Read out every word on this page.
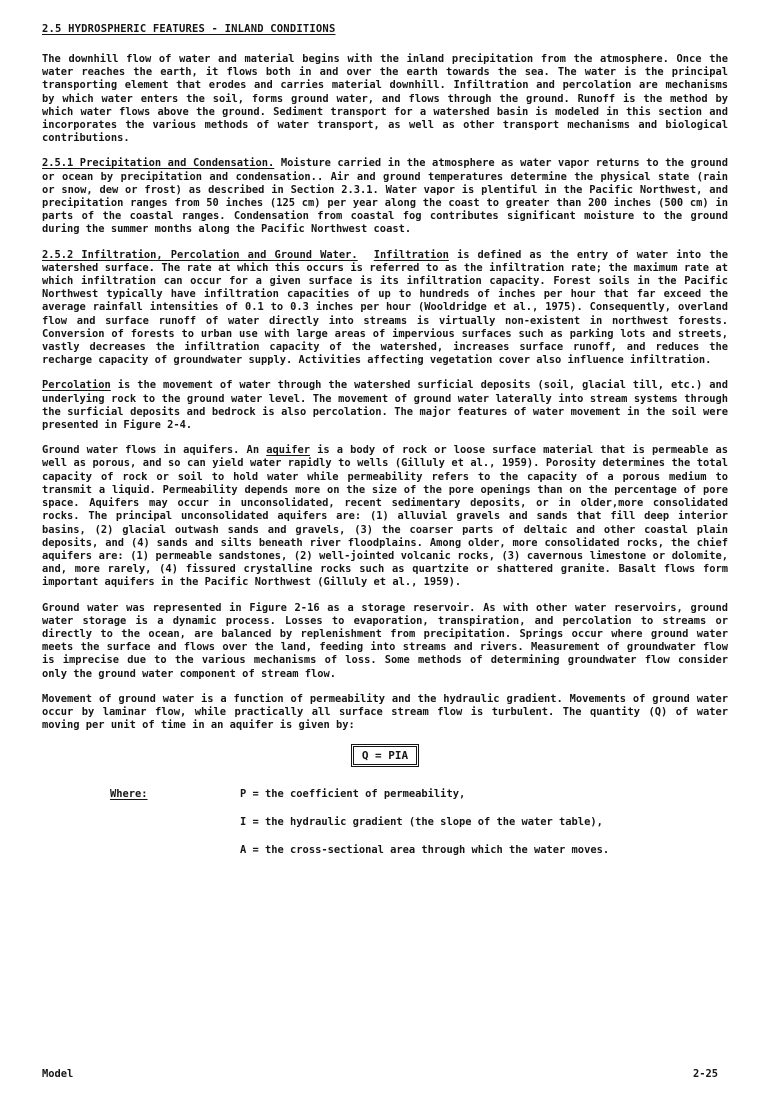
2.5 HYDROSPHERIC FEATURES - INLAND CONDITIONS
The downhill flow of water and material begins with the inland precipitation from the atmosphere. Once the water reaches the earth, it flows both in and over the earth towards the sea. The water is the principal transporting element that erodes and carries material downhill. Infiltration and percolation are mechanisms by which water enters the soil, forms ground water, and flows through the ground. Runoff is the method by which water flows above the ground. Sediment transport for a watershed basin is modeled in this section and incorporates the various methods of water transport, as well as other transport mechanisms and biological contributions.
2.5.1 Precipitation and Condensation. Moisture carried in the atmosphere as water vapor returns to the ground or ocean by precipitation and condensation.. Air and ground temperatures determine the physical state (rain or snow, dew or frost) as described in Section 2.3.1. Water vapor is plentiful in the Pacific Northwest, and precipitation ranges from 50 inches (125 cm) per year along the coast to greater than 200 inches (500 cm) in parts of the coastal ranges. Condensation from coastal fog contributes significant moisture to the ground during the summer months along the Pacific Northwest coast.
2.5.2 Infiltration, Percolation and Ground Water. Infiltration is defined as the entry of water into the watershed surface. The rate at which this occurs is referred to as the infiltration rate; the maximum rate at which infiltration can occur for a given surface is its infiltration capacity. Forest soils in the Pacific Northwest typically have infiltration capacities of up to hundreds of inches per hour that far exceed the average rainfall intensities of 0.1 to 0.3 inches per hour (Wooldridge et al., 1975). Consequently, overland flow and surface runoff of water directly into streams is virtually non-existent in northwest forests. Conversion of forests to urban use with large areas of impervious surfaces such as parking lots and streets, vastly decreases the infiltration capacity of the watershed, increases surface runoff, and reduces the recharge capacity of groundwater supply. Activities affecting vegetation cover also influence infiltration.
Percolation is the movement of water through the watershed surficial deposits (soil, glacial till, etc.) and underlying rock to the ground water level. The movement of ground water laterally into stream systems through the surficial deposits and bedrock is also percolation. The major features of water movement in the soil were presented in Figure 2-4.
Ground water flows in aquifers. An aquifer is a body of rock or loose surface material that is permeable as well as porous, and so can yield water rapidly to wells (Gilluly et al., 1959). Porosity determines the total capacity of rock or soil to hold water while permeability refers to the capacity of a porous medium to transmit a liquid. Permeability depends more on the size of the pore openings than on the percentage of pore space. Aquifers may occur in unconsolidated, recent sedimentary deposits, or in older,more consolidated rocks. The principal unconsolidated aquifers are: (1) alluvial gravels and sands that fill deep interior basins, (2) glacial outwash sands and gravels, (3) the coarser parts of deltaic and other coastal plain deposits, and (4) sands and silts beneath river floodplains. Among older, more consolidated rocks, the chief aquifers are: (1) permeable sandstones, (2) well-jointed volcanic rocks, (3) cavernous limestone or dolomite, and, more rarely, (4) fissured crystalline rocks such as quartzite or shattered granite. Basalt flows form important aquifers in the Pacific Northwest (Gilluly et al., 1959).
Ground water was represented in Figure 2-16 as a storage reservoir. As with other water reservoirs, ground water storage is a dynamic process. Losses to evaporation, transpiration, and percolation to streams or directly to the ocean, are balanced by replenishment from precipitation. Springs occur where ground water meets the surface and flows over the land, feeding into streams and rivers. Measurement of groundwater flow is imprecise due to the various mechanisms of loss. Some methods of determining groundwater flow consider only the ground water component of stream flow.
Movement of ground water is a function of permeability and the hydraulic gradient. Movements of ground water occur by laminar flow, while practically all surface stream flow is turbulent. The quantity (Q) of water moving per unit of time in an aquifer is given by:
Q = PIA
Where:	P = the coefficient of permeability,
I = the hydraulic gradient (the slope of the water table),
A = the cross-sectional area through which the water moves.
Model	2-25
